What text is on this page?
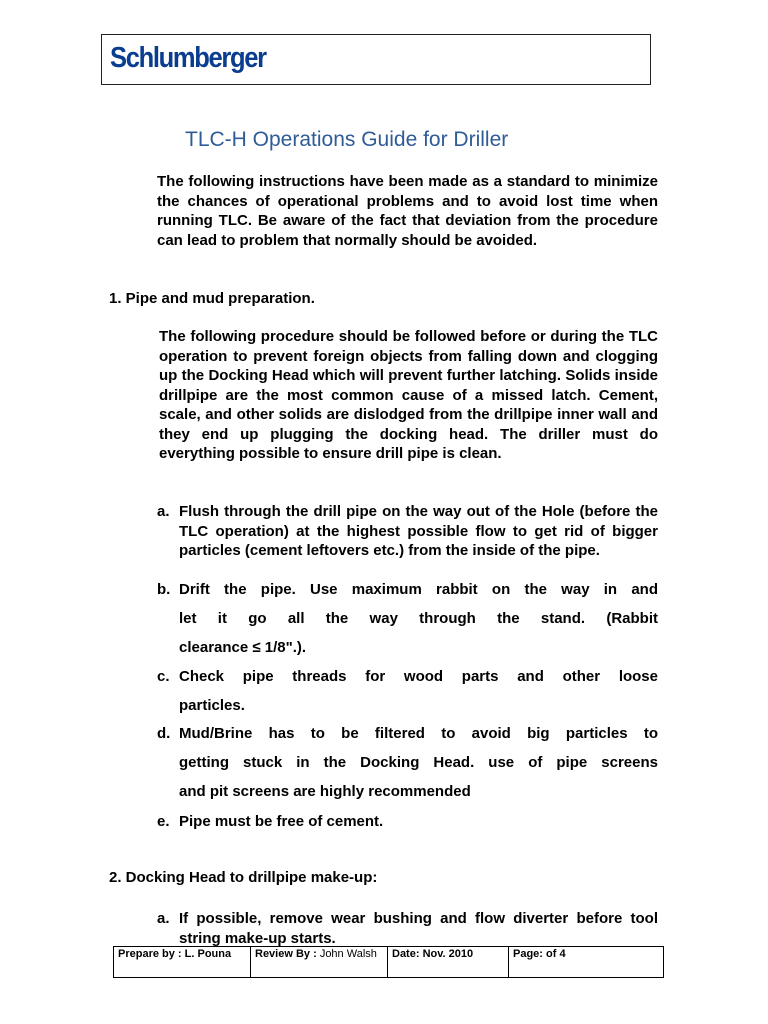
Schlumberger
TLC-H Operations Guide for Driller
The following instructions have been made as a standard to minimize the chances of operational problems and to avoid lost time when running TLC. Be aware of the fact that deviation from the procedure can lead to problem that normally should be avoided.
1. Pipe and mud preparation.
The following procedure should be followed before or during the TLC operation to prevent foreign objects from falling down and clogging up the Docking Head which will prevent further latching. Solids inside drillpipe are the most common cause of a missed latch. Cement, scale, and other solids are dislodged from the drillpipe inner wall and they end up plugging the docking head. The driller must do everything possible to ensure drill pipe is clean.
a. Flush through the drill pipe on the way out of the Hole (before the TLC operation) at the highest possible flow to get rid of bigger particles (cement leftovers etc.) from the inside of the pipe.
b. Drift the pipe. Use maximum rabbit on the way in and
let it go all the way through the stand. (Rabbit
clearance ≤ 1/8".).
c. Check pipe threads for wood parts and other loose
particles.
d. Mud/Brine has to be filtered to avoid big particles to
getting stuck in the Docking Head. use of pipe screens
and pit screens are highly recommended
e. Pipe must be free of cement.
2. Docking Head to drillpipe make-up:
a. If possible, remove wear bushing and flow diverter before tool string make-up starts.
Prepare by : L. Pouna	Review By : John Walsh	Date: Nov. 2010	Page: of 4
